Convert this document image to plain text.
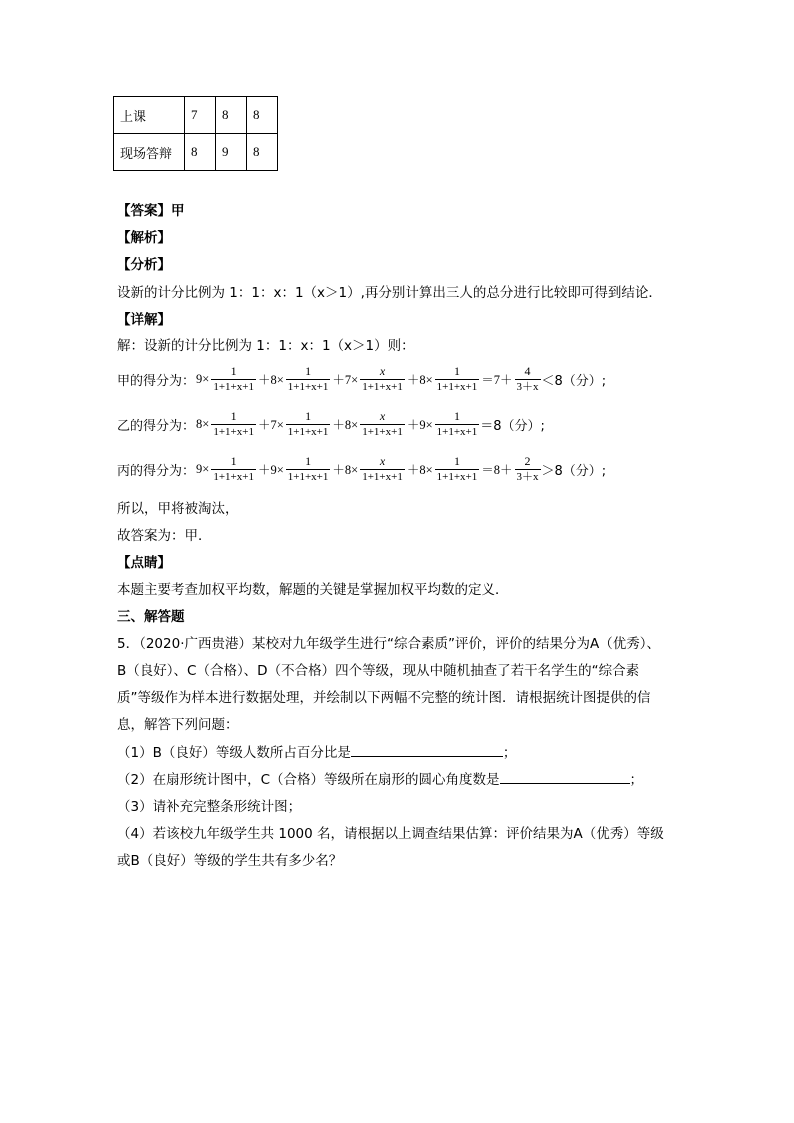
上课	7	8	8
现场答辩	8	9	8
【答案】甲
【解析】
【分析】
设新的计分比例为 1：1：x：1（x＞1）,再分别计算出三人的总分进行比较即可得到结论．
【详解】
解：设新的计分比例为 1：1：x：1（x＞1）则：
甲的得分为： $9\times \frac{1}{1+1+x+1} +8\times \frac{1}{1+1+x+1} +7\times \frac{x}{1+1+x+1} +8\times \frac{1}{1+1+x+1} =7+ \frac{4}{3+x} <8$（分）;
乙的得分为： $8\times \frac{1}{1+1+x+1} +7\times \frac{1}{1+1+x+1} +8\times \frac{x}{1+1+x+1} +9\times \frac{1}{1+1+x+1} =8$（分）;
丙的得分为： $9\times \frac{1}{1+1+x+1} +9\times \frac{1}{1+1+x+1} +8\times \frac{x}{1+1+x+1} +8\times \frac{1}{1+1+x+1} =8+ \frac{2}{3+x} >8$（分）;
所以，甲将被淘汰，
故答案为：甲．
【点睛】
本题主要考查加权平均数，解题的关键是掌握加权平均数的定义．
三、解答题
5．（2020·广西贵港）某校对九年级学生进行“综合素质”评价，评价的结果分为A（优秀）、
B（良好）、C（合格）、D（不合格）四个等级，现从中随机抽查了若干名学生的“综合素
质”等级作为样本进行数据处理，并绘制以下两幅不完整的统计图．请根据统计图提供的信
息，解答下列问题：
（1）B（良好）等级人数所占百分比是	；
（2）在扇形统计图中，C（合格）等级所在扇形的圆心角度数是	；
（3）请补充完整条形统计图；
（4）若该校九年级学生共 1000 名，请根据以上调查结果估算：评价结果为A（优秀）等级
或B（良好）等级的学生共有多少名？
